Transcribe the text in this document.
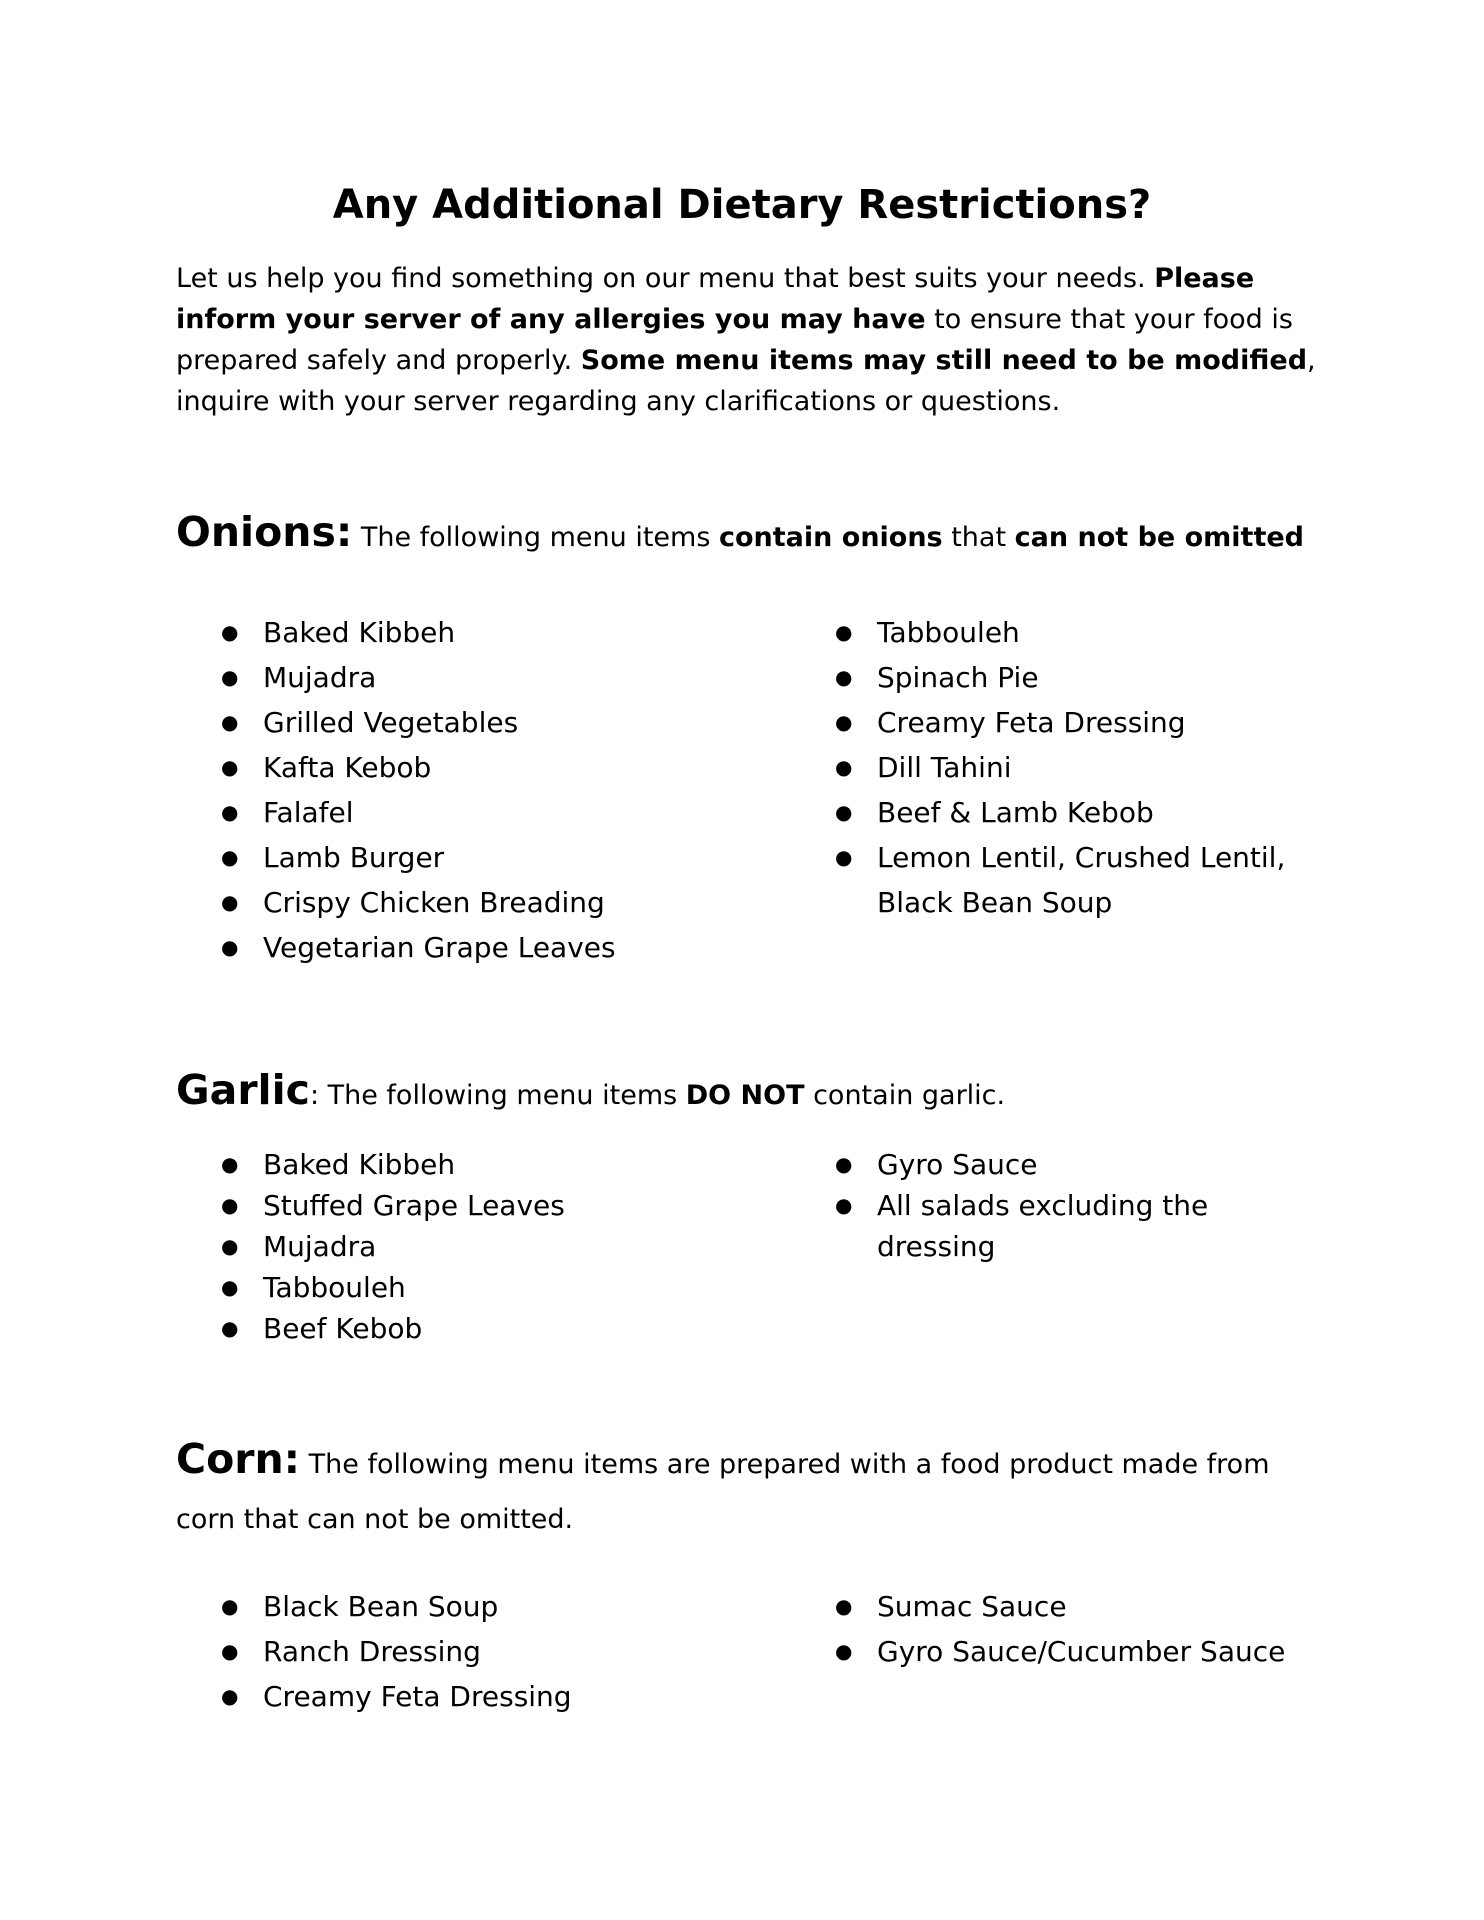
Any Additional Dietary Restrictions?

Let us help you find something on our menu that best suits your needs. Please inform your server of any allergies you may have to ensure that your food is prepared safely and properly. Some menu items may still need to be modified, inquire with your server regarding any clarifications or questions.

Onions: The following menu items contain onions that can not be omitted

● Baked Kibbeh
● Mujadra
● Grilled Vegetables
● Kafta Kebob
● Falafel
● Lamb Burger
● Crispy Chicken Breading
● Vegetarian Grape Leaves
● Tabbouleh
● Spinach Pie
● Creamy Feta Dressing
● Dill Tahini
● Beef & Lamb Kebob
● Lemon Lentil, Crushed Lentil, Black Bean Soup

Garlic: The following menu items DO NOT contain garlic.

● Baked Kibbeh
● Stuffed Grape Leaves
● Mujadra
● Tabbouleh
● Beef Kebob
● Gyro Sauce
● All salads excluding the dressing

Corn: The following menu items are prepared with a food product made from corn that can not be omitted.

● Black Bean Soup
● Ranch Dressing
● Creamy Feta Dressing
● Sumac Sauce
● Gyro Sauce/Cucumber Sauce
